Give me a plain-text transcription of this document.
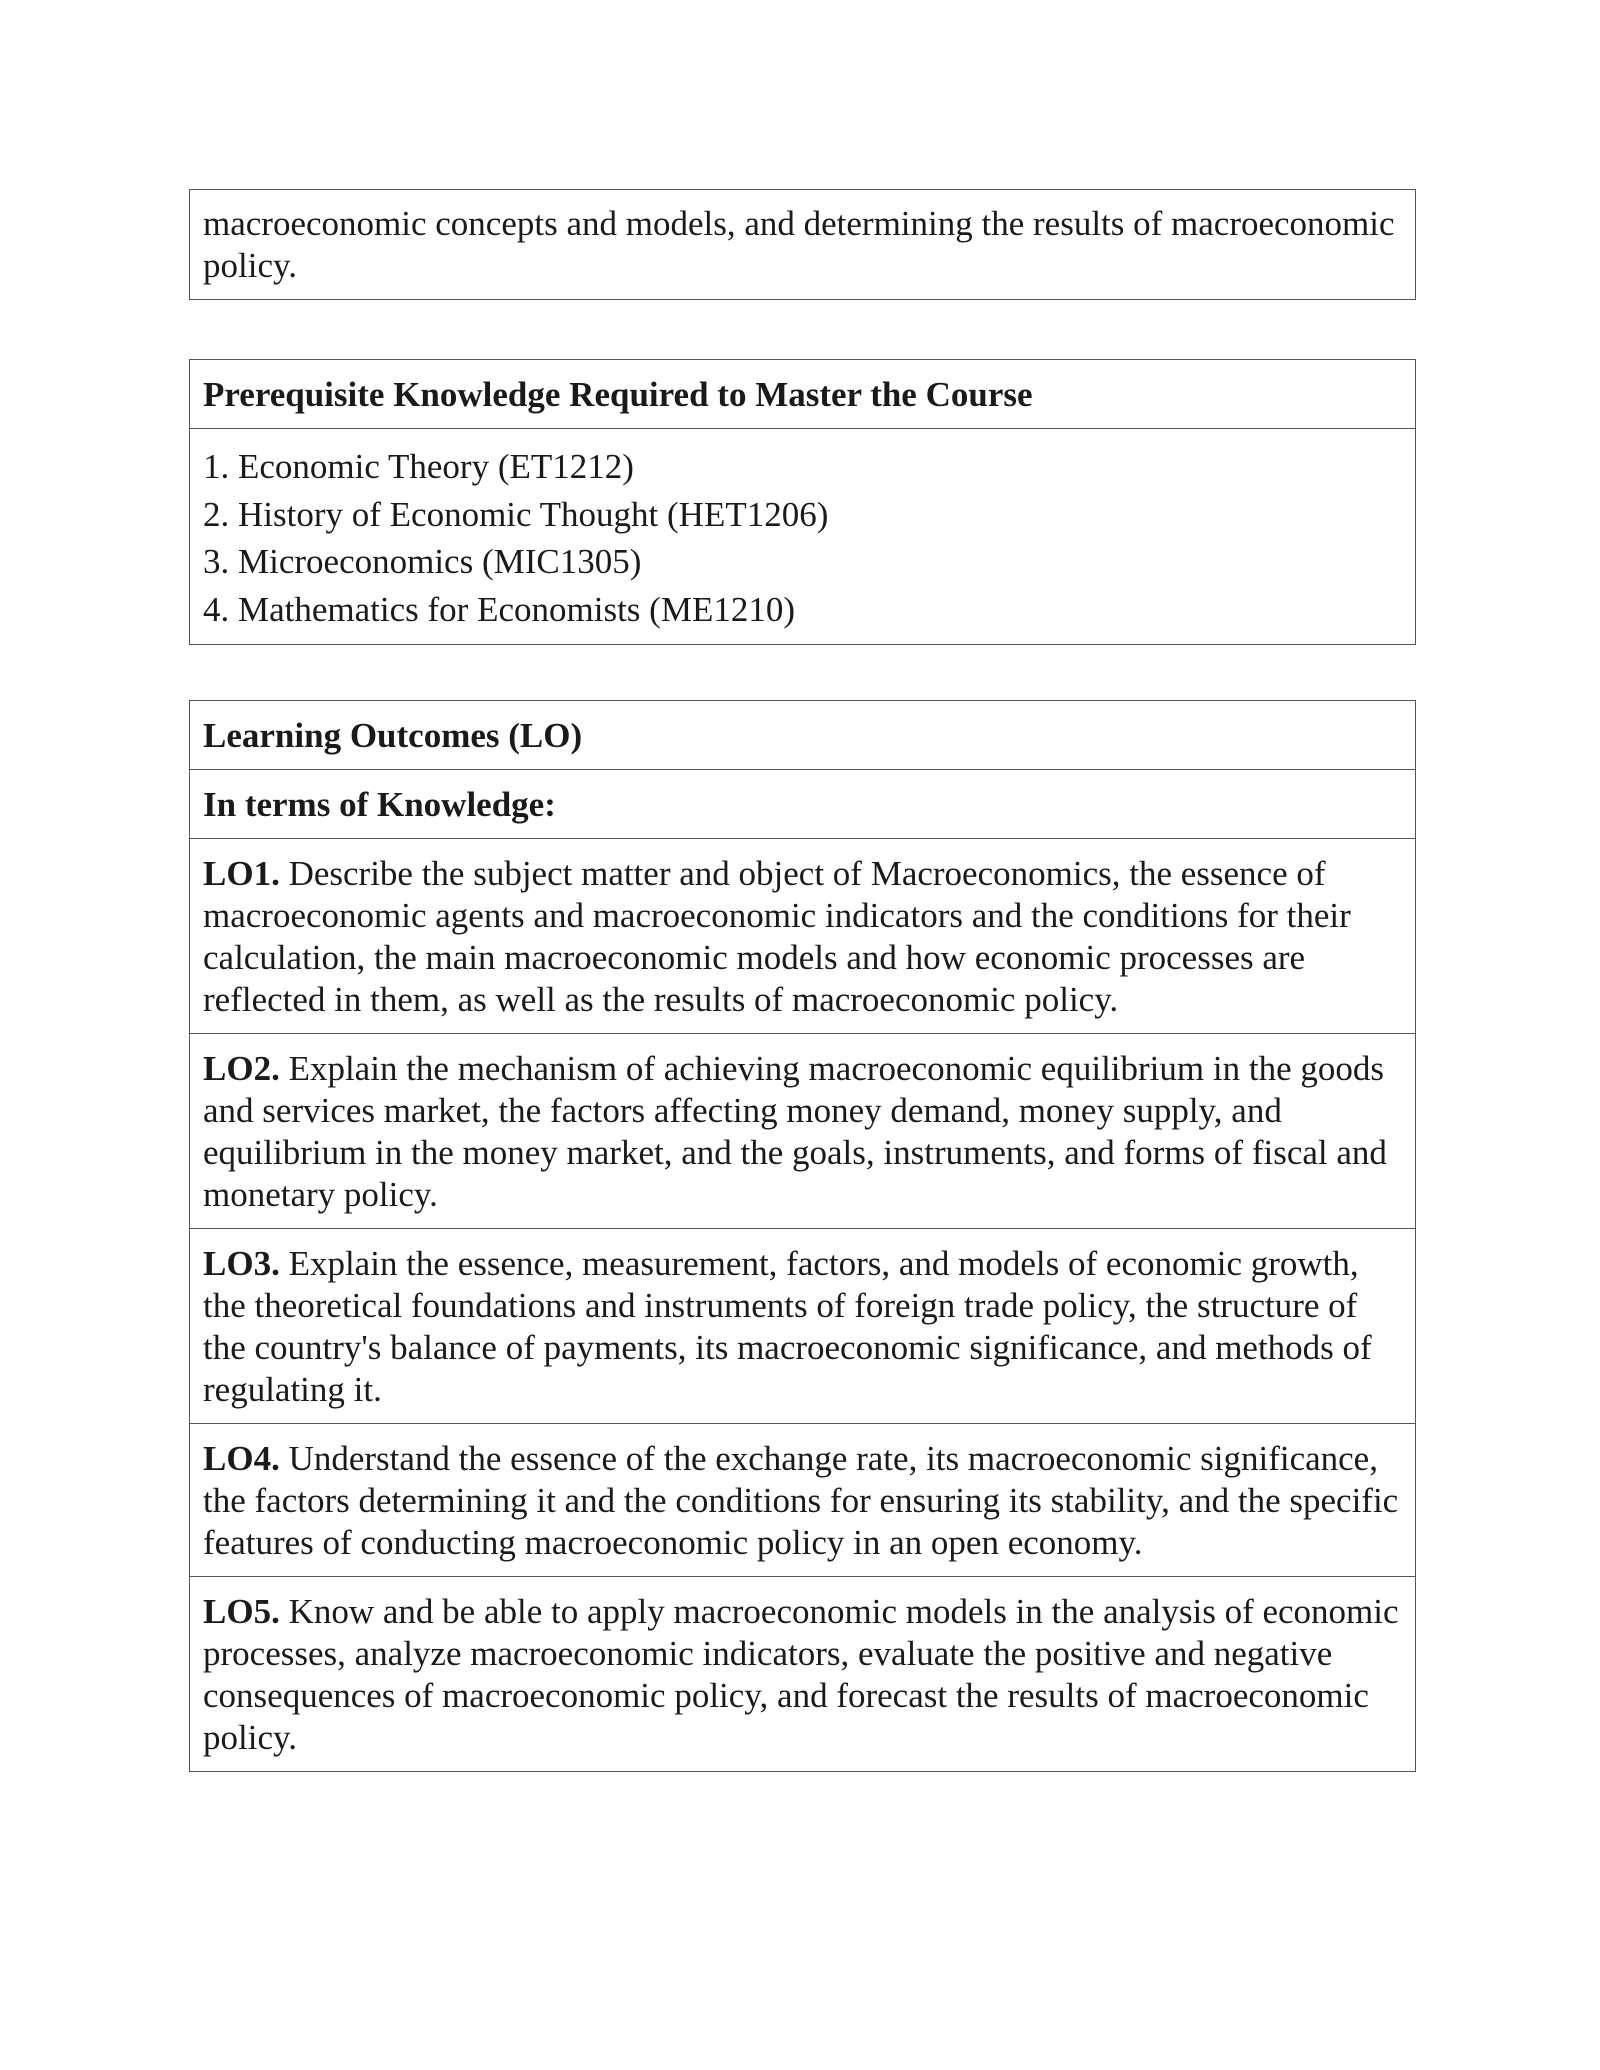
macroeconomic concepts and models, and determining the results of macroeconomic policy.
Prerequisite Knowledge Required to Master the Course
1. Economic Theory (ET1212)
2. History of Economic Thought (HET1206)
3. Microeconomics (MIC1305)
4. Mathematics for Economists (ME1210)
Learning Outcomes (LO)
In terms of Knowledge:
LO1. Describe the subject matter and object of Macroeconomics, the essence of macroeconomic agents and macroeconomic indicators and the conditions for their calculation, the main macroeconomic models and how economic processes are reflected in them, as well as the results of macroeconomic policy.
LO2. Explain the mechanism of achieving macroeconomic equilibrium in the goods and services market, the factors affecting money demand, money supply, and equilibrium in the money market, and the goals, instruments, and forms of fiscal and monetary policy.
LO3. Explain the essence, measurement, factors, and models of economic growth, the theoretical foundations and instruments of foreign trade policy, the structure of the country's balance of payments, its macroeconomic significance, and methods of regulating it.
LO4. Understand the essence of the exchange rate, its macroeconomic significance, the factors determining it and the conditions for ensuring its stability, and the specific features of conducting macroeconomic policy in an open economy.
LO5. Know and be able to apply macroeconomic models in the analysis of economic processes, analyze macroeconomic indicators, evaluate the positive and negative consequences of macroeconomic policy, and forecast the results of macroeconomic policy.
